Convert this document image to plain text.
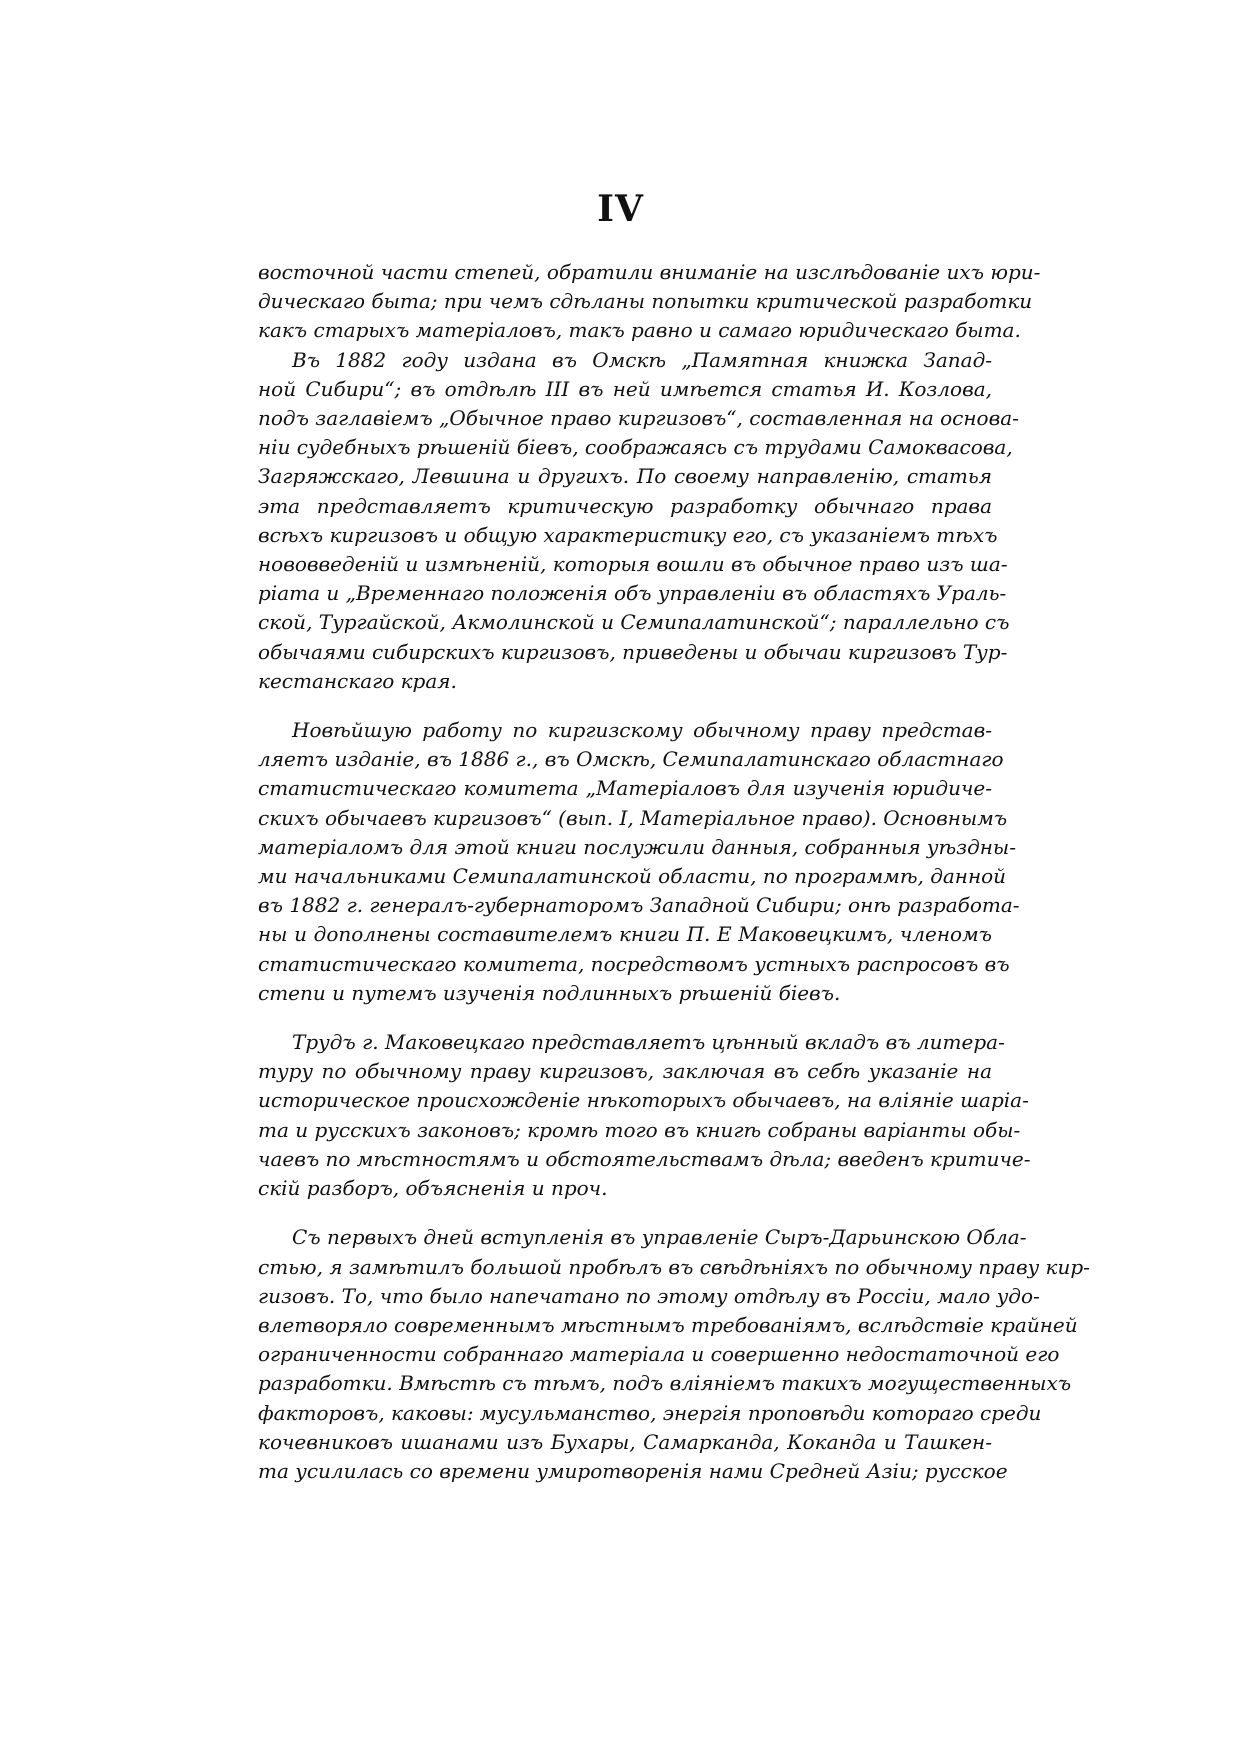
IV
восточной части степей, обратили вниманіе на изслѣдованіе ихъ юри-
дическаго быта; при чемъ сдѣланы попытки критической разработки
какъ старыхъ матеріаловъ, такъ равно и самаго юридическаго быта.
Въ 1882 году издана въ Омскѣ „Памятная книжка Запад-
ной Сибири“; въ отдѣлѣ III въ ней имѣется статья И. Козлова,
подъ заглавіемъ „Обычное право киргизовъ“, составленная на основа-
ніи судебныхъ рѣшеній біевъ, соображаясь съ трудами Самоквасова,
Загряжскаго, Левшина и другихъ. По своему направленію, статья
эта представляетъ критическую разработку обычнаго права
всѣхъ киргизовъ и общую характеристику его, съ указаніемъ тѣхъ
нововведеній и измѣненій, которыя вошли въ обычное право изъ ша-
ріата и „Временнаго положенія объ управленіи въ областяхъ Ураль-
ской, Тургайской, Акмолинской и Семипалатинской“; параллельно съ
обычаями сибирскихъ киргизовъ, приведены и обычаи киргизовъ Тур-
кестанскаго края.
Новѣйшую работу по киргизскому обычному праву представ-
ляетъ изданіе, въ 1886 г., въ Омскѣ, Семипалатинскаго областнаго
статистическаго комитета „Матеріаловъ для изученія юридиче-
скихъ обычаевъ киргизовъ“ (вып. I, Матеріальное право). Основнымъ
матеріаломъ для этой книги послужили данныя, собранныя уѣздны-
ми начальниками Семипалатинской области, по программѣ, данной
въ 1882 г. генералъ-губернаторомъ Западной Сибири; онѣ разработа-
ны и дополнены составителемъ книги П. Е Маковецкимъ, членомъ
статистическаго комитета, посредствомъ устныхъ распросовъ въ
степи и путемъ изученія подлинныхъ рѣшеній біевъ.
Трудъ г. Маковецкаго представляетъ цѣнный вкладъ въ литера-
туру по обычному праву киргизовъ, заключая въ себѣ указаніе на
историческое происхожденіе нѣкоторыхъ обычаевъ, на вліяніе шаріа-
та и русскихъ законовъ; кромѣ того въ книгѣ собраны варіанты обы-
чаевъ по мѣстностямъ и обстоятельствамъ дѣла; введенъ критиче-
скій разборъ, объясненія и проч.
Съ первыхъ дней вступленія въ управленіе Сыръ-Дарьинскою Обла-
стью, я замѣтилъ большой пробѣлъ въ свѣдѣніяхъ по обычному праву кир-
гизовъ. То, что было напечатано по этому отдѣлу въ Россіи, мало удо-
влетворяло современнымъ мѣстнымъ требованіямъ, вслѣдствіе крайней
ограниченности собраннаго матеріала и совершенно недостаточной его
разработки. Вмѣстѣ съ тѣмъ, подъ вліяніемъ такихъ могущественныхъ
факторовъ, каковы: мусульманство, энергія проповѣди котораго среди
кочевниковъ ишанами изъ Бухары, Самарканда, Коканда и Ташкен-
та усилилась со времени умиротворенія нами Средней Азіи; русское
